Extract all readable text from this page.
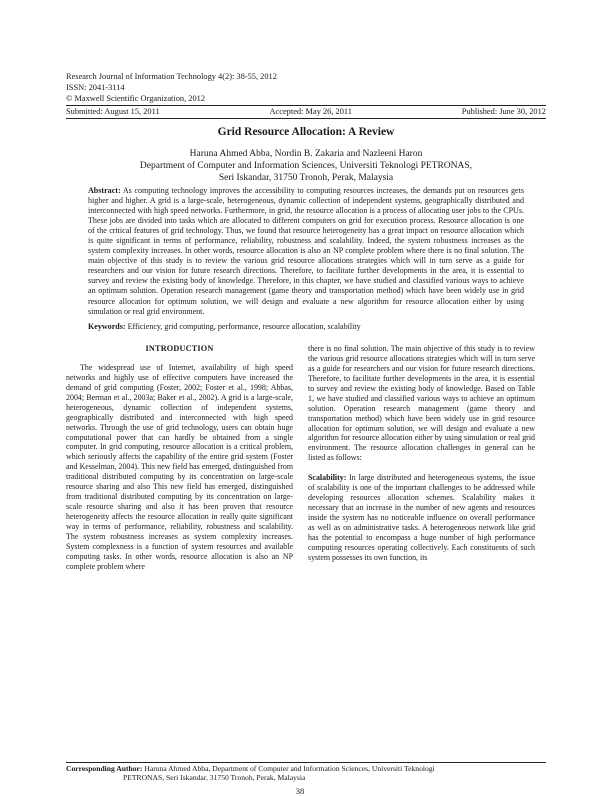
Research Journal of Information Technology 4(2): 38-55, 2012
ISSN: 2041-3114
© Maxwell Scientific Organization, 2012
Submitted: August 15, 2011	Accepted: May 26, 2011	Published: June 30, 2012
Grid Resource Allocation: A Review
Haruna Ahmed Abba, Nordin B. Zakaria and Nazleeni Haron
Department of Computer and Information Sciences, Universiti Teknologi PETRONAS,
Seri Iskandar, 31750 Tronoh, Perak, Malaysia
Abstract: As computing technology improves the accessibility to computing resources increases, the demands put on resources gets higher and higher. A grid is a large-scale, heterogeneous, dynamic collection of independent systems, geographically distributed and interconnected with high speed networks. Furthermore, in grid, the resource allocation is a process of allocating user jobs to the CPUs. These jobs are divided into tasks which are allocated to different computers on grid for execution process. Resource allocation is one of the critical features of grid technology. Thus, we found that resource heterogeneity has a great impact on resource allocation which is quite significant in terms of performance, reliability, robustness and scalability. Indeed, the system robustness increases as the system complexity increases. In other words, resource allocation is also an NP complete problem where there is no final solution. The main objective of this study is to review the various grid resource allocations strategies which will in turn serve as a guide for researchers and our vision for future research directions. Therefore, to facilitate further developments in the area, it is essential to survey and review the existing body of knowledge. Therefore, in this chapter, we have studied and classified various ways to achieve an optimum solution. Operation research management (game theory and transportation method) which have been widely use in grid resource allocation for optimum solution, we will design and evaluate a new algorithm for resource allocation either by using simulation or real grid environment.
Keywords: Efficiency, grid computing, performance, resource allocation, scalability
INTRODUCTION

The widespread use of Internet, availability of high speed networks and highly use of effective computers have increased the demand of grid computing (Foster, 2002; Foster et al., 1998; Abbas, 2004; Berman et al., 2003a; Baker et al., 2002). A grid is a large-scale, heterogeneous, dynamic collection of independent systems, geographically distributed and interconnected with high speed networks. Through the use of grid technology, users can obtain huge computational power that can hardly be obtained from a single computer. In grid computing, resource allocation is a critical problem, which seriously affects the capability of the entire grid system (Foster and Kesselman, 2004). This new field has emerged, distinguished from traditional distributed computing by its concentration on large-scale resource sharing and also This new field has emerged, distinguished from traditional distributed computing by its concentration on large-scale resource sharing and also it has been proven that resource heterogeneity affects the resource allocation in really quite significant way in terms of performance, reliability, robustness and scalability. The system robustness increases as system complexity increases. System complexness is a function of system resources and available computing tasks. In other words, resource allocation is also an NP complete problem where

there is no final solution. The main objective of this study is to review the various grid resource allocations strategies which will in turn serve as a guide for researchers and our vision for future research directions. Therefore, to facilitate further developments in the area, it is essential to survey and review the existing body of knowledge. Based on Table 1, we have studied and classified various ways to achieve an optimum solution. Operation research management (game theory and transportation method) which have been widely use in grid resource allocation for optimum solution, we will design and evaluate a new algorithm for resource allocation either by using simulation or real grid environment. The resource allocation challenges in general can be listed as follows:

Scalability: In large distributed and heterogeneous systems, the issue of scalability is one of the important challenges to be addressed while developing resources allocation schemes. Scalability makes it necessary that an increase in the number of new agents and resources inside the system has no noticeable influence on overall performance as well as on administrative tasks. A heterogeneous network like grid has the potential to encompass a huge number of high performance computing resources operating collectively. Each constituents of such system possesses its own function, its

Corresponding Author: Haruna Ahmed Abba, Department of Computer and Information Sciences, Universiti Teknologi
PETRONAS, Seri Iskandar, 31750 Tronoh, Perak, Malaysia
38
